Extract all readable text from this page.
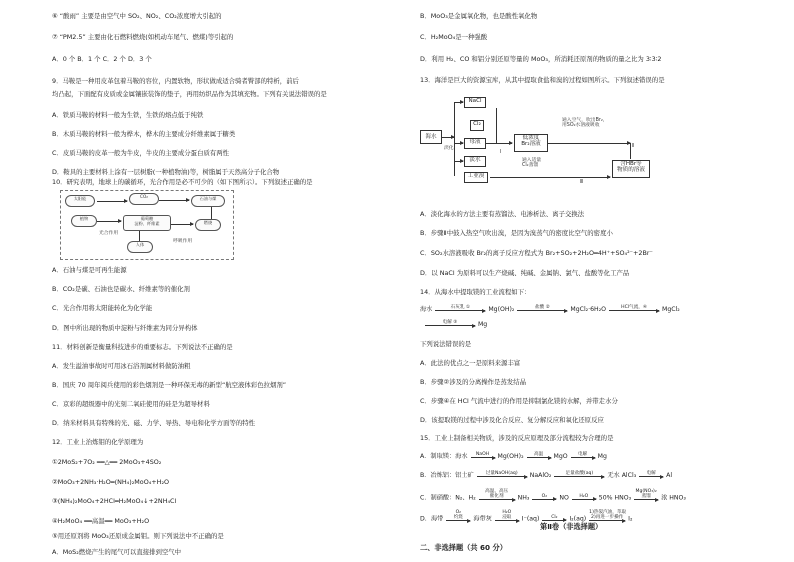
⑥ “酸雨” 主要是由空气中 SO₂、NO₂、CO₂浓度增大引起的
⑦ “PM2.5” 主要由化石燃料燃烧(如机动车尾气、燃煤)等引起的
A．0 个 B．1 个 C．2 个 D．3 个
9．马鞍是一种用皮革包着马鞍的容位，内置软物，形状做成适合骑者臀部的特析，前后
均凸起，下面配有皮质或金属镶嵌装饰的垫子，再用纺织品作为其填充物。下列有关说法错误的是
A．铁质马鞍的材料一般为生铁，生铁的熔点低于纯铁
B．木质马鞍的材料一般为桦木，桦木的主要成分纤维素属于糖类
C．皮质马鞍的皮革一般为牛皮，牛皮的主要成分蛋白质有两性
D．鞍具的主要材料上涂有一层树脂(一种植物油)等，树脂属于天然高分子化合物
10．研究表明，地球上的碳循环，光合作用是必不可少的（如下图所示）。下列叙述正确的是
太阳能	CO₂	石油与煤
植物	葡萄糖
淀粉、纤维素	燃烧
人体
光合作用
呼吸作用
A．石油与煤是可再生能源
B．CO₂是碳、石油也是碳水、纤维素等的催化剂
C．光合作用将太阳能转化为化学能
D．图中所出现的物质中淀粉与纤维素为同分异构体
11．材料创新是衡量科技进步的重要标志。下列说法不正确的是
A．发生溢油事故时可用冰石浴剂属材料做防油粗
B．国庆 70 周年阅兵使用的彩色烟剂是一种环保无毒的新型“航空液体彩色拉烟剂”
C．京彩的超级器中的光刻二氧硅使用的硅是为超导材料
D．纳米材料具有特殊的光、磁、力学、导热、导电和化学方面等的特性
12．工业上治炼钼的化学原理为
①2MoS₂+7O₂ ══△══ 2MoO₃+4SO₂
②MoO₃+2NH₃·H₂O═(NH₄)₂MoO₄+H₂O
③(NH₄)₂MoO₄+2HCl═H₂MoO₄↓+2NH₄Cl
④H₂MoO₄ ══高温══ MoO₃+H₂O
⑤用还原剂将 MoO₃还原成金属钼。则下列说法中不正确的是
A．MoS₂燃烧产生的尾气可以直接排到空气中
B．MoO₃是金属氧化物，也是酸性氧化物
C．H₂MoO₄是一种强酸
D．利用 H₂、CO 和铝分别还原等量的 MoO₃，所消耗还原剂的物质的量之比为 3∶3∶2
13．海洋是巨大的资源宝库，从其中提取食盐和溴的过程如图所示。下列叙述错误的是
海水
NaCl
Cl₂
母液
淡水
工业溴
低浓度
Br₂溶液
含HBr等
物质的溶液
通入空气，吹出Br₂，
用SO₂水溶液吸收
通入适量
Cl₂蒸馏
淡化
Ⅰ
Ⅱ
Ⅲ
A．淡化海水的方法主要有蒸馏法、电渗析法、离子交换法
B．步骤Ⅱ中鼓入热空气吹出溴，是因为溴蒸气的密度比空气的密度小
C．SO₂水溶液吸收 Br₂的离子反应方程式为 Br₂+SO₂+2H₂O═4H⁺+SO₄²⁻+2Br⁻
D．以 NaCl 为原料可以生产烧碱、纯碱、金属钠、氯气、盐酸等化工产品
14．从海水中提取镁的工业流程如下：
海水	石灰乳 ①	Mg(OH)₂	盐酸 ②	MgCl₂·6H₂O	HCl气流，④ MgCl₂
电解 ⑤	Mg
下列说法错误的是
A．此法的优点之一是原料来源丰富
B．步骤②涉及的分离操作是蒸发结晶
C．步骤④在 HCl 气流中进行的作用是抑制氯化镁的水解，并带走水分
D．该提取镁的过程中涉及化合反应、复分解反应和氧化还原反应
15．工业上制备相关物质，涉及的反应原理及部分流程较为合理的是
A．制取镁：海水 NaOH Mg(OH)₂ 高温 MgO 电解 Mg
B．冶炼铝：铝土矿	过量NaOH(aq) NaAlO₂	足量盐酸(aq) 无水 AlCl₃ 电解 Al
C．制硝酸：N₂、H₂ 高温、高压
催化剂 NH₃	O₂ NO H₂O 50% HNO₃ Mg(NO₃)₂
蒸馏 浓 HNO₃
D．海带 O₂
灼烧 海带灰 H₂O
浸取 I⁻(aq)	Cl₂ I₂(aq) 1)热裂汽油，萃取
2)再进一步操作 I₂
第Ⅱ卷（非选择题）
二、非选择题（共 60 分）
